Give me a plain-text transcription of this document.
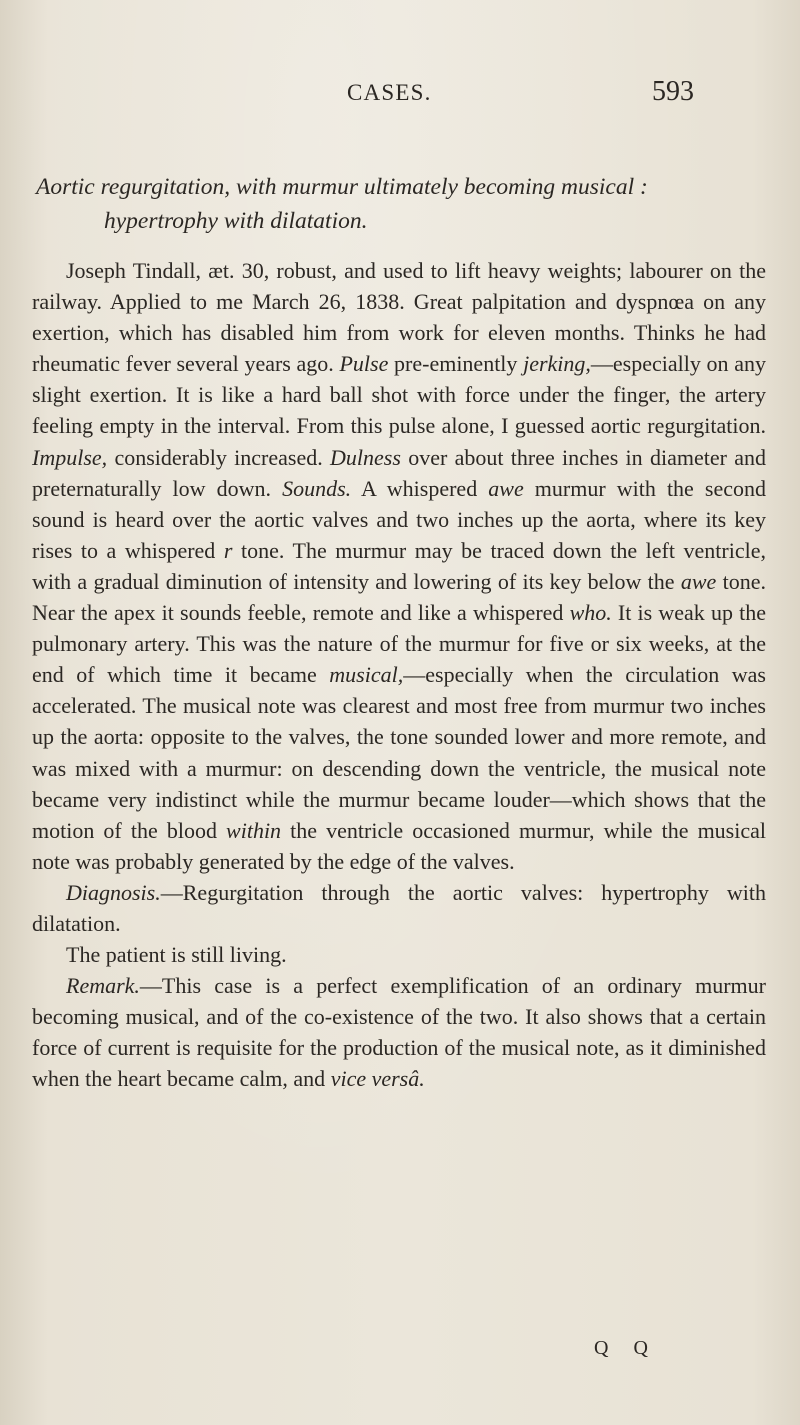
CASES.	593
Aortic regurgitation, with murmur ultimately becoming musical :
hypertrophy with dilatation.

Joseph Tindall, æt. 30, robust, and used to lift heavy weights; labourer on the railway. Applied to me March 26, 1838. Great palpitation and dyspnœa on any exertion, which has disabled him from work for eleven months. Thinks he had rheumatic fever several years ago. Pulse pre-eminently jerking,—especially on any slight exertion. It is like a hard ball shot with force under the finger, the artery feeling empty in the interval. From this pulse alone, I guessed aortic regurgitation. Impulse, considerably increased. Dulness over about three inches in diameter and preternaturally low down. Sounds. A whispered awe murmur with the second sound is heard over the aortic valves and two inches up the aorta, where its key rises to a whispered r tone. The murmur may be traced down the left ventricle, with a gradual diminution of intensity and lowering of its key below the awe tone. Near the apex it sounds feeble, remote and like a whispered who. It is weak up the pulmonary artery. This was the nature of the murmur for five or six weeks, at the end of which time it became musical,—especially when the circulation was accelerated. The musical note was clearest and most free from murmur two inches up the aorta: opposite to the valves, the tone sounded lower and more remote, and was mixed with a murmur: on descending down the ventricle, the musical note became very indistinct while the murmur became louder—which shows that the motion of the blood within the ventricle occasioned murmur, while the musical note was probably generated by the edge of the valves.

Diagnosis.—Regurgitation through the aortic valves: hypertrophy with dilatation.

The patient is still living.

Remark.—This case is a perfect exemplification of an ordinary murmur becoming musical, and of the co-existence of the two. It also shows that a certain force of current is requisite for the production of the musical note, as it diminished when the heart became calm, and vice versâ.

Q Q
